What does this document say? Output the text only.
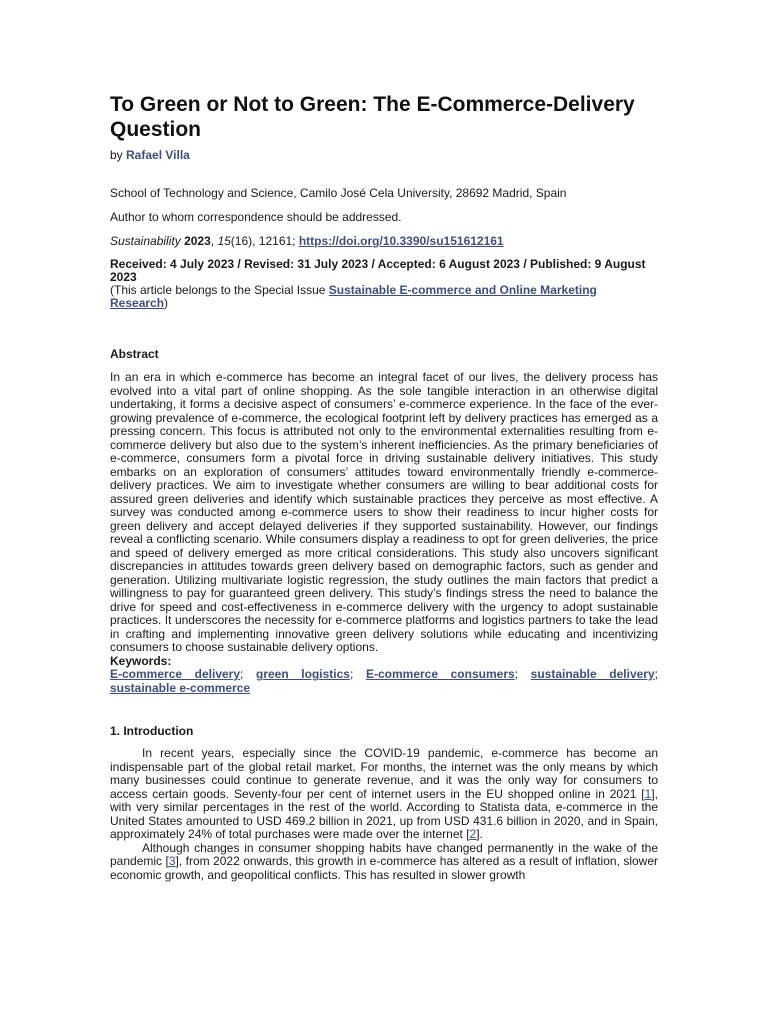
To Green or Not to Green: The E-Commerce-Delivery Question
by Rafael Villa
School of Technology and Science, Camilo José Cela University, 28692 Madrid, Spain
Author to whom correspondence should be addressed.
Sustainability 2023, 15(16), 12161; https://doi.org/10.3390/su151612161
Received: 4 July 2023 / Revised: 31 July 2023 / Accepted: 6 August 2023 / Published: 9 August 2023
(This article belongs to the Special Issue Sustainable E-commerce and Online Marketing Research)
Abstract
In an era in which e-commerce has become an integral facet of our lives, the delivery process has evolved into a vital part of online shopping. As the sole tangible interaction in an otherwise digital undertaking, it forms a decisive aspect of consumers’ e-commerce experience. In the face of the ever-growing prevalence of e-commerce, the ecological footprint left by delivery practices has emerged as a pressing concern. This focus is attributed not only to the environmental externalities resulting from e-commerce delivery but also due to the system’s inherent inefficiencies. As the primary beneficiaries of e-commerce, consumers form a pivotal force in driving sustainable delivery initiatives. This study embarks on an exploration of consumers’ attitudes toward environmentally friendly e-commerce-delivery practices. We aim to investigate whether consumers are willing to bear additional costs for assured green deliveries and identify which sustainable practices they perceive as most effective. A survey was conducted among e-commerce users to show their readiness to incur higher costs for green delivery and accept delayed deliveries if they supported sustainability. However, our findings reveal a conflicting scenario. While consumers display a readiness to opt for green deliveries, the price and speed of delivery emerged as more critical considerations. This study also uncovers significant discrepancies in attitudes towards green delivery based on demographic factors, such as gender and generation. Utilizing multivariate logistic regression, the study outlines the main factors that predict a willingness to pay for guaranteed green delivery. This study’s findings stress the need to balance the drive for speed and cost-effectiveness in e-commerce delivery with the urgency to adopt sustainable practices. It underscores the necessity for e-commerce platforms and logistics partners to take the lead in crafting and implementing innovative green delivery solutions while educating and incentivizing consumers to choose sustainable delivery options.
Keywords:
E-commerce delivery; green logistics; E-commerce consumers; sustainable delivery; sustainable e-commerce
1. Introduction

In recent years, especially since the COVID-19 pandemic, e-commerce has become an indispensable part of the global retail market. For months, the internet was the only means by which many businesses could continue to generate revenue, and it was the only way for consumers to access certain goods. Seventy-four per cent of internet users in the EU shopped online in 2021 [1], with very similar percentages in the rest of the world. According to Statista data, e-commerce in the United States amounted to USD 469.2 billion in 2021, up from USD 431.6 billion in 2020, and in Spain, approximately 24% of total purchases were made over the internet [2].

Although changes in consumer shopping habits have changed permanently in the wake of the pandemic [3], from 2022 onwards, this growth in e-commerce has altered as a result of inflation, slower economic growth, and geopolitical conflicts. This has resulted in slower growth
